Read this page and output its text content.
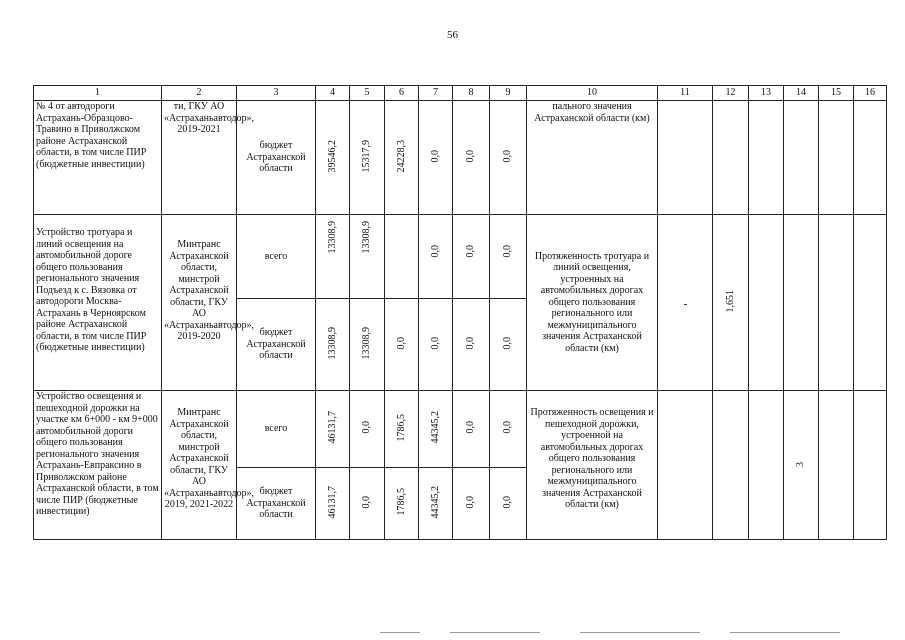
56
1	2	3	4	5	6	7	8	9	10	11	12	13	14	15	16
№ 4 от автодороги Астрахань-Образцово-Травино в Приволжском районе Астраханской области, в том числе ПИР (бюджетные инвестиции)	ти, ГКУ АО «Астраханьавтодор», 2019-2021	бюджет Астраханской области	39546,2	15317,9	24228,3	0,0	0,0	0,0	пального значения Астраханской области (км)						
Устройство тротуара и линий освещения на автомобильной дороге общего пользования регионального значения Подъезд к с. Вязовка от автодороги Москва-Астрахань в Черноярском районе Астраханской области, в том числе ПИР (бюджетные инвестиции)	Минтранс Астраханской области, минстрой Астраханской области, ГКУ АО «Астраханьавтодор», 2019-2020	всего	13308,9	13308,9		0,0	0,0	0,0	Протяженность тротуара и линий освещения, устроенных на автомобильных дорогах общего пользования регионального или межмуниципального значения Астраханской области (км)		1,651				
		бюджет Астраханской области	13308,9	13308,9	0,0	0,0	0,0	0,0							
Устройство освещения и пешеходной дорожки на участке км 6+000 - км 9+000 автомобильной дороги общего пользования регионального значения Астрахань-Евпраксино в Приволжском районе Астраханской области, в том числе ПИР (бюджетные инвестиции)	Минтранс Астраханской области, минстрой Астраханской области, ГКУ АО «Астраханьавтодор», 2019, 2021-2022	всего	46131,7	0,0	1786,5	44345,2	0,0	0,0	Протяженность освещения и пешеходной дорожки, устроенной на автомобильных дорогах общего пользования регионального или межмуниципального значения Астраханской области (км)				3		
		бюджет Астраханской области	46131,7	0,0	1786,5	44345,2	0,0	0,0							
